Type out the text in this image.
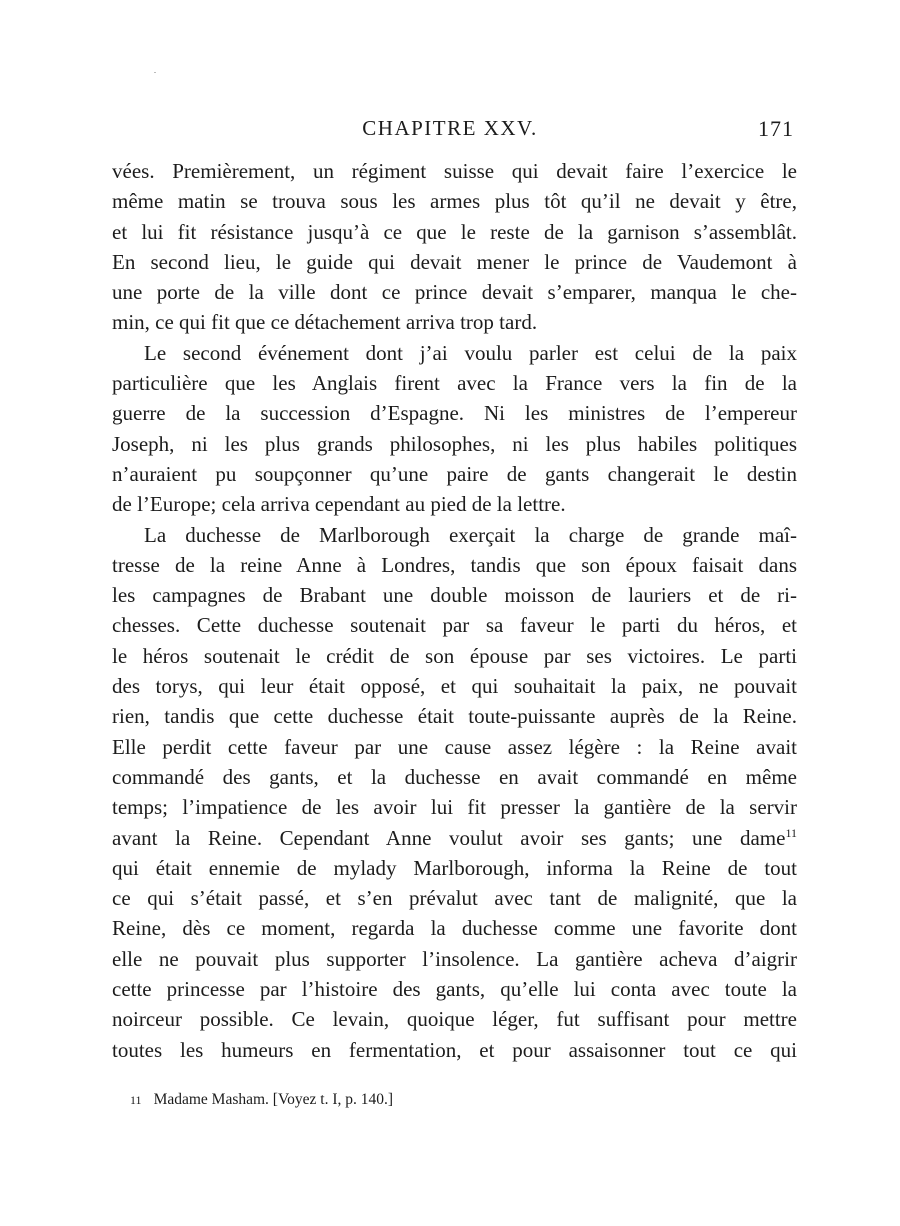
CHAPITRE XXV.	171
vées. Premièrement, un régiment suisse qui devait faire l’exercice le
même matin se trouva sous les armes plus tôt qu’il ne devait y être,
et lui fit résistance jusqu’à ce que le reste de la garnison s’assemblât.
En second lieu, le guide qui devait mener le prince de Vaudemont à
une porte de la ville dont ce prince devait s’emparer, manqua le che-
min, ce qui fit que ce détachement arriva trop tard.
Le second événement dont j’ai voulu parler est celui de la paix
particulière que les Anglais firent avec la France vers la fin de la
guerre de la succession d’Espagne. Ni les ministres de l’empereur
Joseph, ni les plus grands philosophes, ni les plus habiles politiques
n’auraient pu soupçonner qu’une paire de gants changerait le destin
de l’Europe; cela arriva cependant au pied de la lettre.
La duchesse de Marlborough exerçait la charge de grande maî-
tresse de la reine Anne à Londres, tandis que son époux faisait dans
les campagnes de Brabant une double moisson de lauriers et de ri-
chesses. Cette duchesse soutenait par sa faveur le parti du héros, et
le héros soutenait le crédit de son épouse par ses victoires. Le parti
des torys, qui leur était opposé, et qui souhaitait la paix, ne pouvait
rien, tandis que cette duchesse était toute-puissante auprès de la Reine.
Elle perdit cette faveur par une cause assez légère : la Reine avait
commandé des gants, et la duchesse en avait commandé en même
temps; l’impatience de les avoir lui fit presser la gantière de la servir
avant la Reine. Cependant Anne voulut avoir ses gants; une dame$^{11}$
qui était ennemie de mylady Marlborough, informa la Reine de tout
ce qui s’était passé, et s’en prévalut avec tant de malignité, que la
Reine, dès ce moment, regarda la duchesse comme une favorite dont
elle ne pouvait plus supporter l’insolence. La gantière acheva d’aigrir
cette princesse par l’histoire des gants, qu’elle lui conta avec toute la
noirceur possible. Ce levain, quoique léger, fut suffisant pour mettre
toutes les humeurs en fermentation, et pour assaisonner tout ce qui
11 Madame Masham. [Voyez t. I, p. 140.]
